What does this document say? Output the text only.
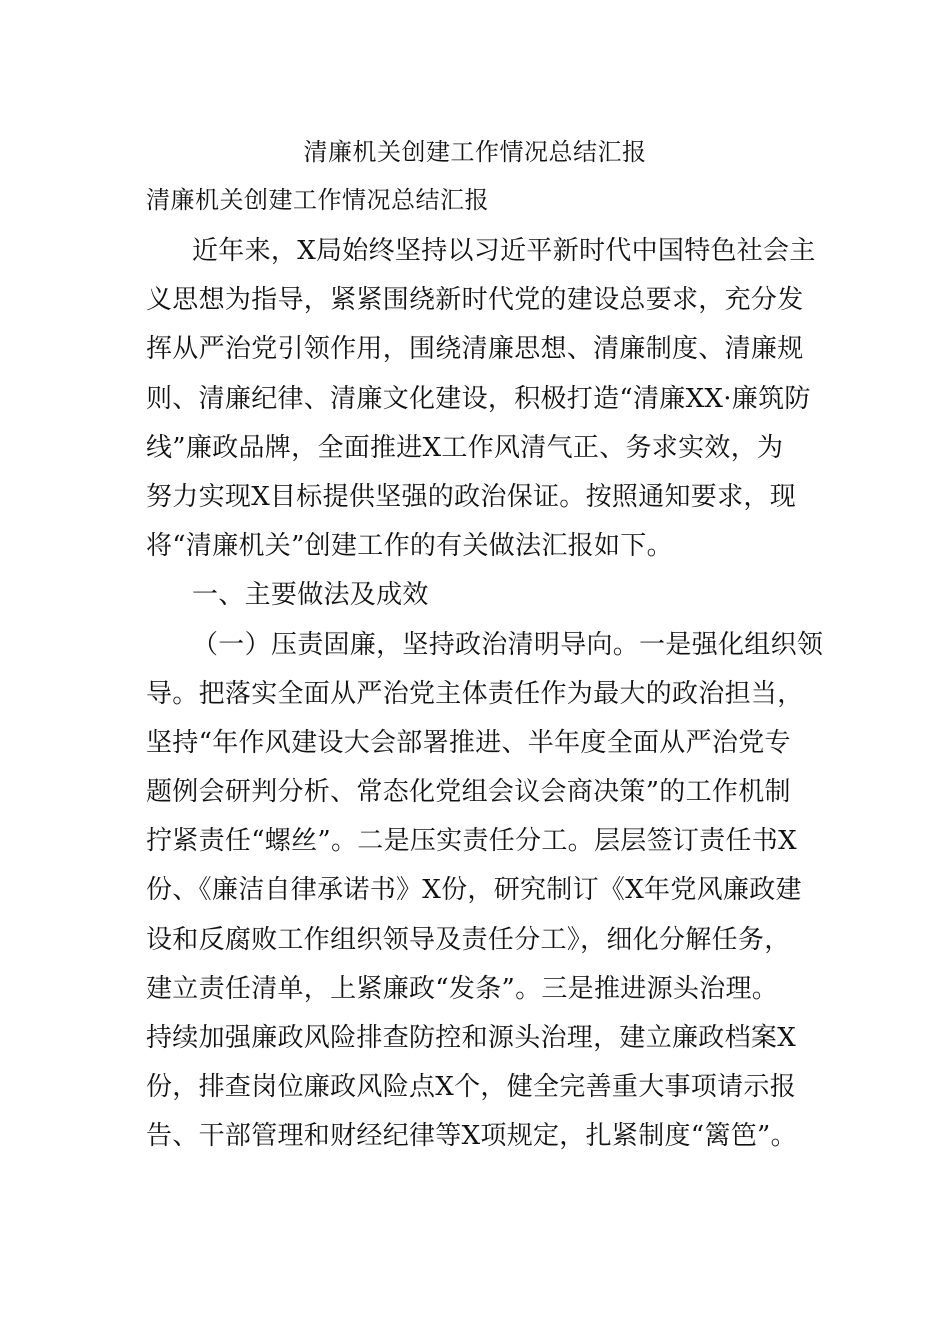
清廉机关创建工作情况总结汇报
清廉机关创建工作情况总结汇报
近年来，X局始终坚持以习近平新时代中国特色社会主
义思想为指导，紧紧围绕新时代党的建设总要求，充分发
挥从严治党引领作用，围绕清廉思想、清廉制度、清廉规
则、清廉纪律、清廉文化建设，积极打造“清廉XX·廉筑防
线”廉政品牌，全面推进X工作风清气正、务求实效，为
努力实现X目标提供坚强的政治保证。按照通知要求，现
将“清廉机关”创建工作的有关做法汇报如下。
一、主要做法及成效
（一）压责固廉，坚持政治清明导向。一是强化组织领
导。把落实全面从严治党主体责任作为最大的政治担当，
坚持“年作风建设大会部署推进、半年度全面从严治党专
题例会研判分析、常态化党组会议会商决策”的工作机制
拧紧责任“螺丝”。二是压实责任分工。层层签订责任书X
份、《廉洁自律承诺书》X份，研究制订《X年党风廉政建
设和反腐败工作组织领导及责任分工》，细化分解任务，
建立责任清单，上紧廉政“发条”。三是推进源头治理。
持续加强廉政风险排查防控和源头治理，建立廉政档案X
份，排查岗位廉政风险点X个，健全完善重大事项请示报
告、干部管理和财经纪律等X项规定，扎紧制度“篱笆”。
